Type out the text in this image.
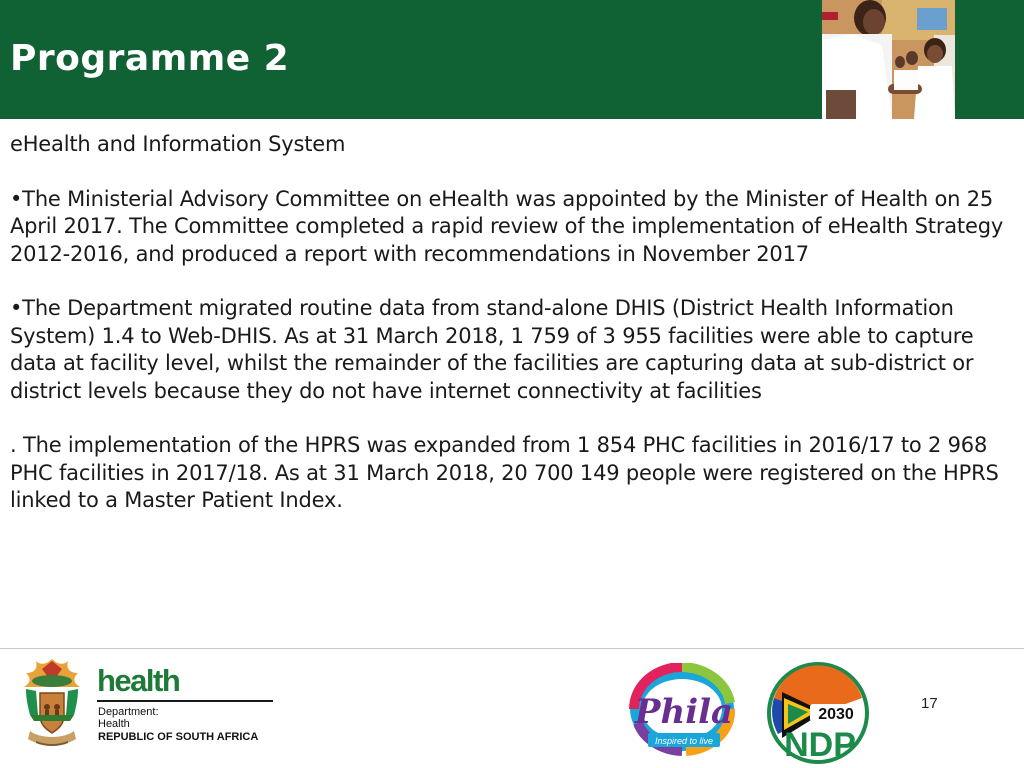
Programme 2

eHealth and Information System

•The Ministerial Advisory Committee on eHealth was appointed by the Minister of Health on 25 April 2017. The Committee completed a rapid review of the implementation of eHealth Strategy 2012-2016, and produced a report with recommendations in November 2017

•The Department migrated routine data from stand-alone DHIS (District Health Information System) 1.4 to Web-DHIS. As at 31 March 2018, 1 759 of 3 955 facilities were able to capture data at facility level, whilst the remainder of the facilities are capturing data at sub-district or district levels because they do not have internet connectivity at facilities

. The implementation of the HPRS was expanded from 1 854 PHC facilities in 2016/17 to 2 968 PHC facilities in 2017/18. As at 31 March 2018, 20 700 149 people were registered on the HPRS linked to a Master Patient Index.

health
Department:
Health
REPUBLIC OF SOUTH AFRICA
Phila
Inspired to live
2030
NDP
17
